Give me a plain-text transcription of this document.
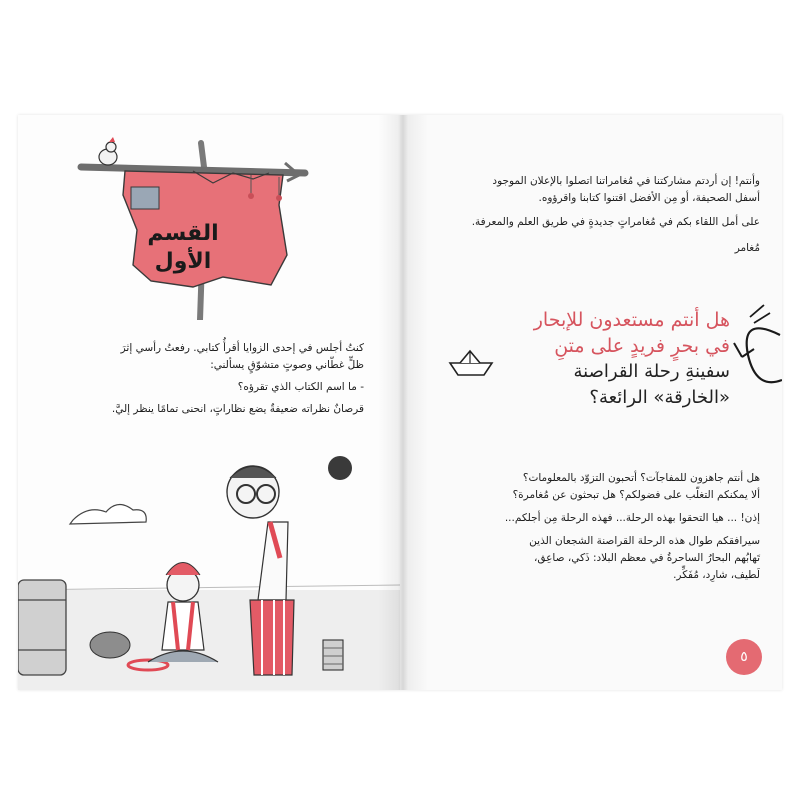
القسم
الأول

كنتُ أجلس في إحدى الزوايا أقرأُ كتابي. رفعتُ رأسي إثرَ

ظلٍّ غطّاني وصوتٍ متشوّقٍ يسألني:

- ما اسم الكتاب الذي تقرؤه؟

قرصانٌ نظراته ضعيفةٌ يضع نظاراتٍ، انحنى تمامًا ينظر إليَّ.

وأنتم! إن أردتم مشاركتنا في مُغامراتنا اتصلوا بالإعلان الموجود

أسفل الصحيفة، أو مِن الأفضل اقتنوا كتابنا واقرؤوه.

على أمل اللقاء بكم في مُغامراتٍ جديدةٍ في طريق العلم والمعرفة.

مُغامر

هل أنتم مستعدون للإبحار
في بحرٍ فريدٍ على متنِ
سفينةِ رحلة القراصنة
«الخارقة» الرائعة؟

هل أنتم جاهزون للمفاجآت؟ أتحبون التزوّد بالمعلومات؟

ألا يمكنكم التغلّب على فضولكم؟ هل تبحثون عن مُغامرة؟

إذن! ... هيا التحقوا بهذه الرحلة... فهذه الرحلة مِن أجلكم...

سيرافقكم طوال هذه الرحلة القراصنة الشجعان الذين

تَهابُهم البحارُ الساحرةُ في معظم البلاد: ذَكي، صاعِق،

لَطيف، شارِد، مُفَكِّر.

٥
